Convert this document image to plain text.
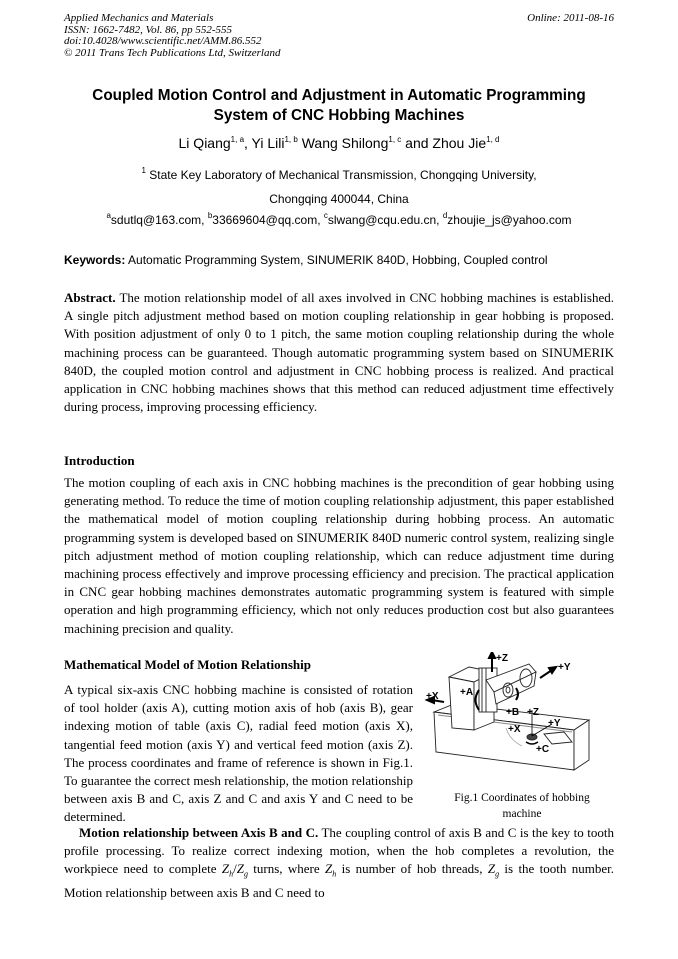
Applied Mechanics and Materials
ISSN: 1662-7482, Vol. 86, pp 552-555
doi:10.4028/www.scientific.net/AMM.86.552
© 2011 Trans Tech Publications Ltd, Switzerland
Online: 2011-08-16
Coupled Motion Control and Adjustment in Automatic Programming
System of CNC Hobbing Machines
Li Qiang$^{1, a}$, Yi Lili$^{1, b}$ Wang Shilong$^{1, c}$ and Zhou Jie$^{1, d}$
$^1$ State Key Laboratory of Mechanical Transmission, Chongqing University,
Chongqing 400044, China
$^a$sdutlq@163.com, $^b$33669604@qq.com, $^c$slwang@cqu.edu.cn, $^d$zhoujie_js@yahoo.com
Keywords: Automatic Programming System, SINUMERIK 840D, Hobbing, Coupled control
Abstract. The motion relationship model of all axes involved in CNC hobbing machines is established. A single pitch adjustment method based on motion coupling relationship in gear hobbing is proposed. With position adjustment of only 0 to 1 pitch, the same motion coupling relationship during the whole machining process can be guaranteed. Though automatic programming system based on SINUMERIK 840D, the coupled motion control and adjustment in CNC hobbing process is realized. And practical application in CNC hobbing machines shows that this method can reduced adjustment time effectively during process, improving processing efficiency.
Introduction
The motion coupling of each axis in CNC hobbing machines is the precondition of gear hobbing using generating method. To reduce the time of motion coupling relationship adjustment, this paper established the mathematical model of motion coupling relationship during hobbing process. An automatic programming system is developed based on SINUMERIK 840D numeric control system, realizing single pitch adjustment method of motion coupling relationship, which can reduce adjustment time during machining process effectively and improve processing efficiency and precision. The practical application in CNC gear hobbing machines demonstrates automatic programming system is featured with simple operation and high programming efficiency, which not only reduces production cost but also guarantees machining precision and quality.
Mathematical Model of Motion Relationship
A typical six-axis CNC hobbing machine is consisted of rotation of tool holder (axis A), cutting motion axis of hob (axis B), gear indexing motion of table (axis C), radial feed motion (axis X), tangential feed motion (axis Y) and vertical feed motion (axis Z). The process coordinates and frame of reference is shown in Fig.1. To guarantee the correct mesh relationship, the motion relationship between axis B and C, axis Z and C and axis Y and C need to be determined.
Motion relationship between Axis B and C. The coupling control of axis B and C is the key to tooth profile processing. To realize correct indexing motion, when the hob completes a revolution, the workpiece need to complete $Z_h/Z_g$ turns, where $Z_h$ is number of hob threads, $Z_g$ is the tooth number. Motion relationship between axis B and C need to
+Z
+Y
+A
+X
+B +Z
+Y
+X
+C
Fig.1 Coordinates of hobbing
machine
